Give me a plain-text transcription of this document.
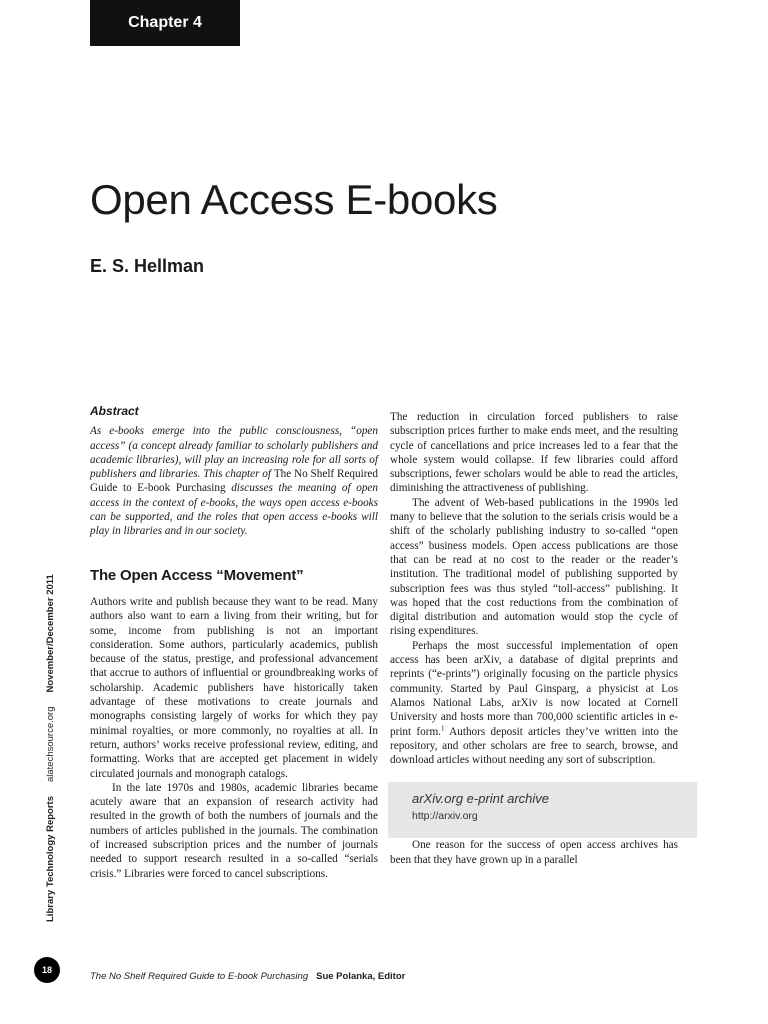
Chapter 4
Open Access E-books
E. S. Hellman
Abstract

As e-books emerge into the public consciousness, “open access” (a concept already familiar to scholarly publishers and academic libraries), will play an increasing role for all sorts of publishers and libraries. This chapter of The No Shelf Required Guide to E-book Purchasing discusses the meaning of open access in the context of e-books, the ways open access e-books can be supported, and the roles that open access e-books will play in libraries and in our society.

The Open Access “Movement”

Authors write and publish because they want to be read. Many authors also want to earn a living from their writing, but for some, income from publishing is not an important consideration. Some authors, particularly academics, publish because of the status, prestige, and professional advancement that accrue to authors of influential or groundbreaking works of scholarship. Academic publishers have historically taken advantage of these motivations to create journals and monographs consisting largely of works for which they pay minimal royalties, or more commonly, no royalties at all. In return, authors’ works receive professional review, editing, and formatting. Works that are accepted get placement in widely circulated journals and monograph catalogs.

In the late 1970s and 1980s, academic libraries became acutely aware that an expansion of research activity had resulted in the growth of both the numbers of journals and the numbers of articles published in the journals. The combination of increased subscription prices and the number of journals needed to support research resulted in a so-called “serials crisis.” Libraries were forced to cancel subscriptions.

The reduction in circulation forced publishers to raise subscription prices further to make ends meet, and the resulting cycle of cancellations and price increases led to a fear that the whole system would collapse. If few libraries could afford subscriptions, fewer scholars would be able to read the articles, diminishing the attractiveness of publishing.

The advent of Web-based publications in the 1990s led many to believe that the solution to the serials crisis would be a shift of the scholarly publishing industry to so-called “open access” business models. Open access publications are those that can be read at no cost to the reader or the reader’s institution. The traditional model of publishing supported by subscription fees was thus styled “toll-access” publishing. It was hoped that the cost reductions from the combination of digital distribution and automation would stop the cycle of rising expenditures.

Perhaps the most successful implementation of open access has been arXiv, a database of digital preprints and reprints (“e-prints”) originally focusing on the particle physics community. Started by Paul Ginsparg, a physicist at Los Alamos National Labs, arXiv is now located at Cornell University and hosts more than 700,000 scientific articles in e-print form.$^1$ Authors deposit articles they’ve written into the repository, and other scholars are free to search, browse, and download articles without needing any sort of subscription.

arXiv.org e-print archive
http://arxiv.org

One reason for the success of open access archives has been that they have grown up in a parallel

Library Technology Reportsalatechsource.orgNovember/December 2011
18
The No Shelf Required Guide to E-book Purchasing Sue Polanka, Editor
